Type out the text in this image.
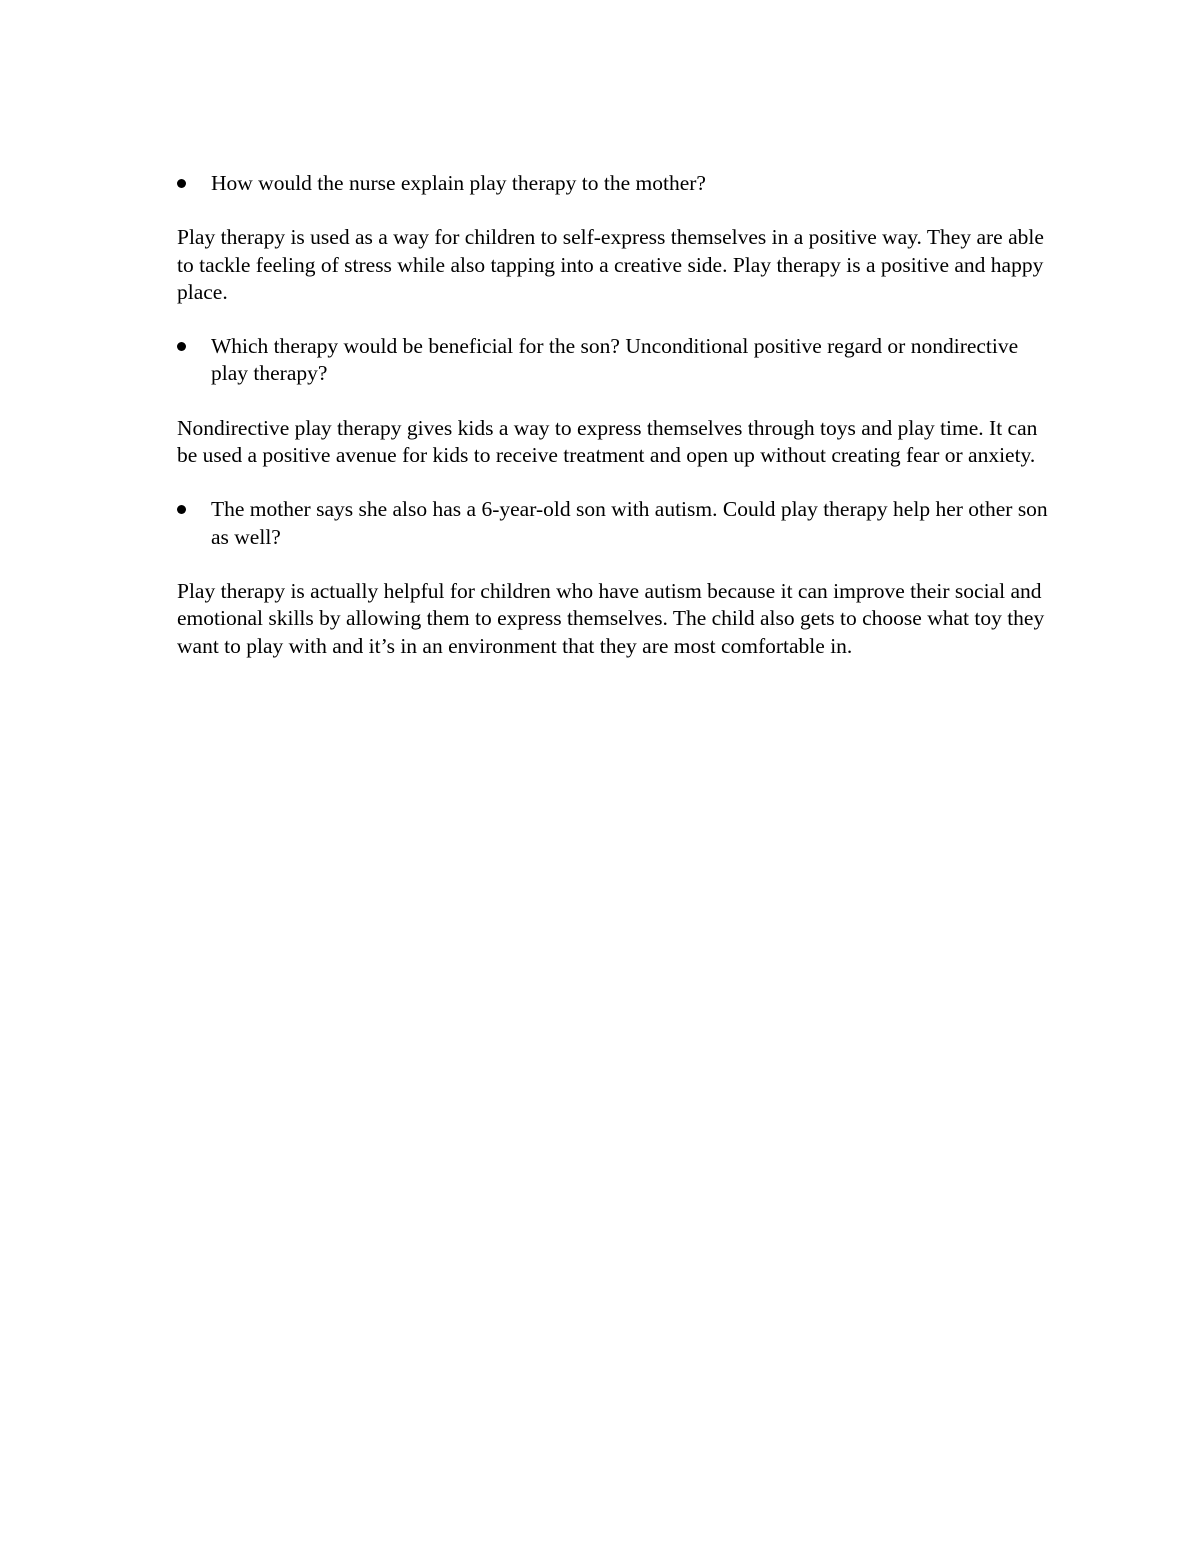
How would the nurse explain play therapy to the mother?

Play therapy is used as a way for children to self-express themselves in a positive way. They are able to tackle feeling of stress while also tapping into a creative side. Play therapy is a positive and happy place.

Which therapy would be beneficial for the son? Unconditional positive regard or nondirective play therapy?

Nondirective play therapy gives kids a way to express themselves through toys and play time. It can be used a positive avenue for kids to receive treatment and open up without creating fear or anxiety.

The mother says she also has a 6-year-old son with autism. Could play therapy help her other son as well?

Play therapy is actually helpful for children who have autism because it can improve their social and emotional skills by allowing them to express themselves. The child also gets to choose what toy they want to play with and it’s in an environment that they are most comfortable in.
